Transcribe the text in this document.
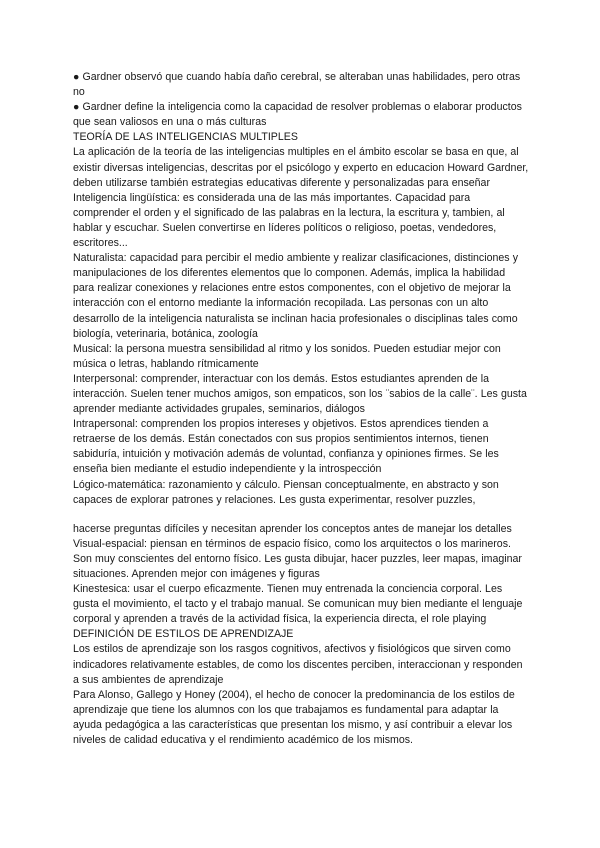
● Gardner observó que cuando había daño cerebral, se alteraban unas habilidades, pero otras no

● Gardner define la inteligencia como la capacidad de resolver problemas o elaborar productos que sean valiosos en una o más culturas

TEORÍA DE LAS INTELIGENCIAS MULTIPLES

La aplicación de la teoría de las inteligencias multiples en el ámbito escolar se basa en que, al existir diversas inteligencias, descritas por el psicólogo y experto en educacion Howard Gardner, deben utilizarse también estrategias educativas diferente y personalizadas para enseñar

Inteligencia lingüística: es considerada una de las más importantes. Capacidad para comprender el orden y el significado de las palabras en la lectura, la escritura y, tambien, al hablar y escuchar. Suelen convertirse en líderes políticos o religioso, poetas, vendedores, escritores...

Naturalista: capacidad para percibir el medio ambiente y realizar clasificaciones, distinciones y manipulaciones de los diferentes elementos que lo componen. Además, implica la habilidad para realizar conexiones y relaciones entre estos componentes, con el objetivo de mejorar la interacción con el entorno mediante la información recopilada. Las personas con un alto desarrollo de la inteligencia naturalista se inclinan hacia profesionales o disciplinas tales como biología, veterinaria, botánica, zoología

Musical: la persona muestra sensibilidad al ritmo y los sonidos. Pueden estudiar mejor con música o letras, hablando rítmicamente

Interpersonal: comprender, interactuar con los demás. Estos estudiantes aprenden de la interacción. Suelen tener muchos amigos, son empaticos, son los ¨sabios de la calle¨. Les gusta aprender mediante actividades grupales, seminarios, diálogos

Intrapersonal: comprenden los propios intereses y objetivos. Estos aprendices tienden a retraerse de los demás. Están conectados con sus propios sentimientos internos, tienen sabiduría, intuición y motivación además de voluntad, confianza y opiniones firmes. Se les enseña bien mediante el estudio independiente y la introspección

Lógico-matemática: razonamiento y cálculo. Piensan conceptualmente, en abstracto y son capaces de explorar patrones y relaciones. Les gusta experimentar, resolver puzzles,

hacerse preguntas difíciles y necesitan aprender los conceptos antes de manejar los detalles

Visual-espacial: piensan en términos de espacio físico, como los arquitectos o los marineros. Son muy conscientes del entorno físico. Les gusta dibujar, hacer puzzles, leer mapas, imaginar situaciones. Aprenden mejor con imágenes y figuras

Kinestesica: usar el cuerpo eficazmente. Tienen muy entrenada la conciencia corporal. Les gusta el movimiento, el tacto y el trabajo manual. Se comunican muy bien mediante el lenguaje corporal y aprenden a través de la actividad física, la experiencia directa, el role playing

DEFINICIÓN DE ESTILOS DE APRENDIZAJE

Los estilos de aprendizaje son los rasgos cognitivos, afectivos y fisiológicos que sirven como indicadores relativamente estables, de como los discentes perciben, interaccionan y responden a sus ambientes de aprendizaje

Para Alonso, Gallego y Honey (2004), el hecho de conocer la predominancia de los estilos de aprendizaje que tiene los alumnos con los que trabajamos es fundamental para adaptar la ayuda pedagógica a las características que presentan los mismo, y así contribuir a elevar los niveles de calidad educativa y el rendimiento académico de los mismos.
